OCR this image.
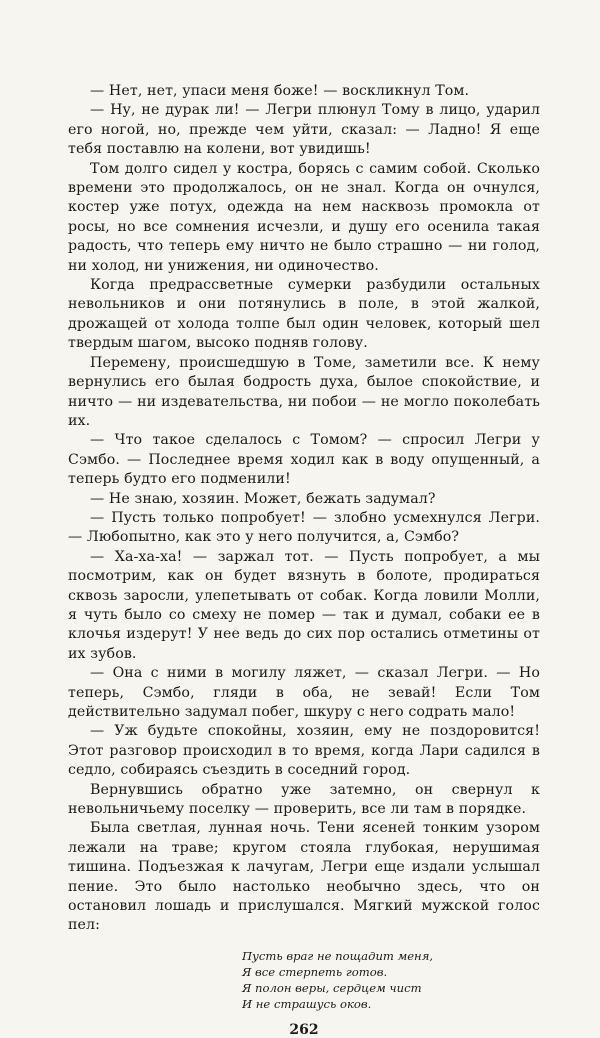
— Нет, нет, упаси меня боже! — воскликнул Том.

— Ну, не дурак ли! — Легри плюнул Тому в лицо, ударил его ногой, но, прежде чем уйти, сказал: — Ладно! Я еще тебя поставлю на колени, вот увидишь!

Том долго сидел у костра, борясь с самим собой. Сколько времени это продолжалось, он не знал. Когда он очнулся, костер уже потух, одежда на нем насквозь промокла от росы, но все сомнения исчезли, и душу его осенила такая радость, что теперь ему ничто не было страшно — ни голод, ни холод, ни унижения, ни одиночество.

Когда предрассветные сумерки разбудили остальных невольников и они потянулись в поле, в этой жалкой, дрожащей от холода толпе был один человек, который шел твердым шагом, высоко подняв голову.

Перемену, происшедшую в Томе, заметили все. К нему вернулись его былая бодрость духа, былое спокойствие, и ничто — ни издевательства, ни побои — не могло поколебать их.

— Что такое сделалось с Томом? — спросил Легри у Сэмбо. — Последнее время ходил как в воду опущенный, а теперь будто его подменили!

— Не знаю, хозяин. Может, бежать задумал?

— Пусть только попробует! — злобно усмехнулся Легри. — Любопытно, как это у него получится, а, Сэмбо?

— Ха-ха-ха! — заржал тот. — Пусть попробует, а мы посмотрим, как он будет вязнуть в болоте, продираться сквозь заросли, улепетывать от собак. Когда ловили Молли, я чуть было со смеху не помер — так и думал, собаки ее в клочья издерут! У нее ведь до сих пор остались отметины от их зубов.

— Она с ними в могилу ляжет, — сказал Легри. — Но теперь, Сэмбо, гляди в оба, не зевай! Если Том действительно задумал побег, шкуру с него содрать мало!

— Уж будьте спокойны, хозяин, ему не поздоровится! Этот разговор происходил в то время, когда Лари садился в седло, собираясь съездить в соседний город.

Вернувшись обратно уже затемно, он свернул к невольничьему поселку — проверить, все ли там в порядке.

Была светлая, лунная ночь. Тени ясеней тонким узором лежали на траве; кругом стояла глубокая, нерушимая тишина. Подъезжая к лачугам, Легри еще издали услышал пение. Это было настолько необычно здесь, что он остановил лошадь и прислушался. Мягкий мужской голос пел:

Пусть враг не пощадит меня,
Я все стерпеть готов.
Я полон веры, сердцем чист
И не страшусь оков.
262
